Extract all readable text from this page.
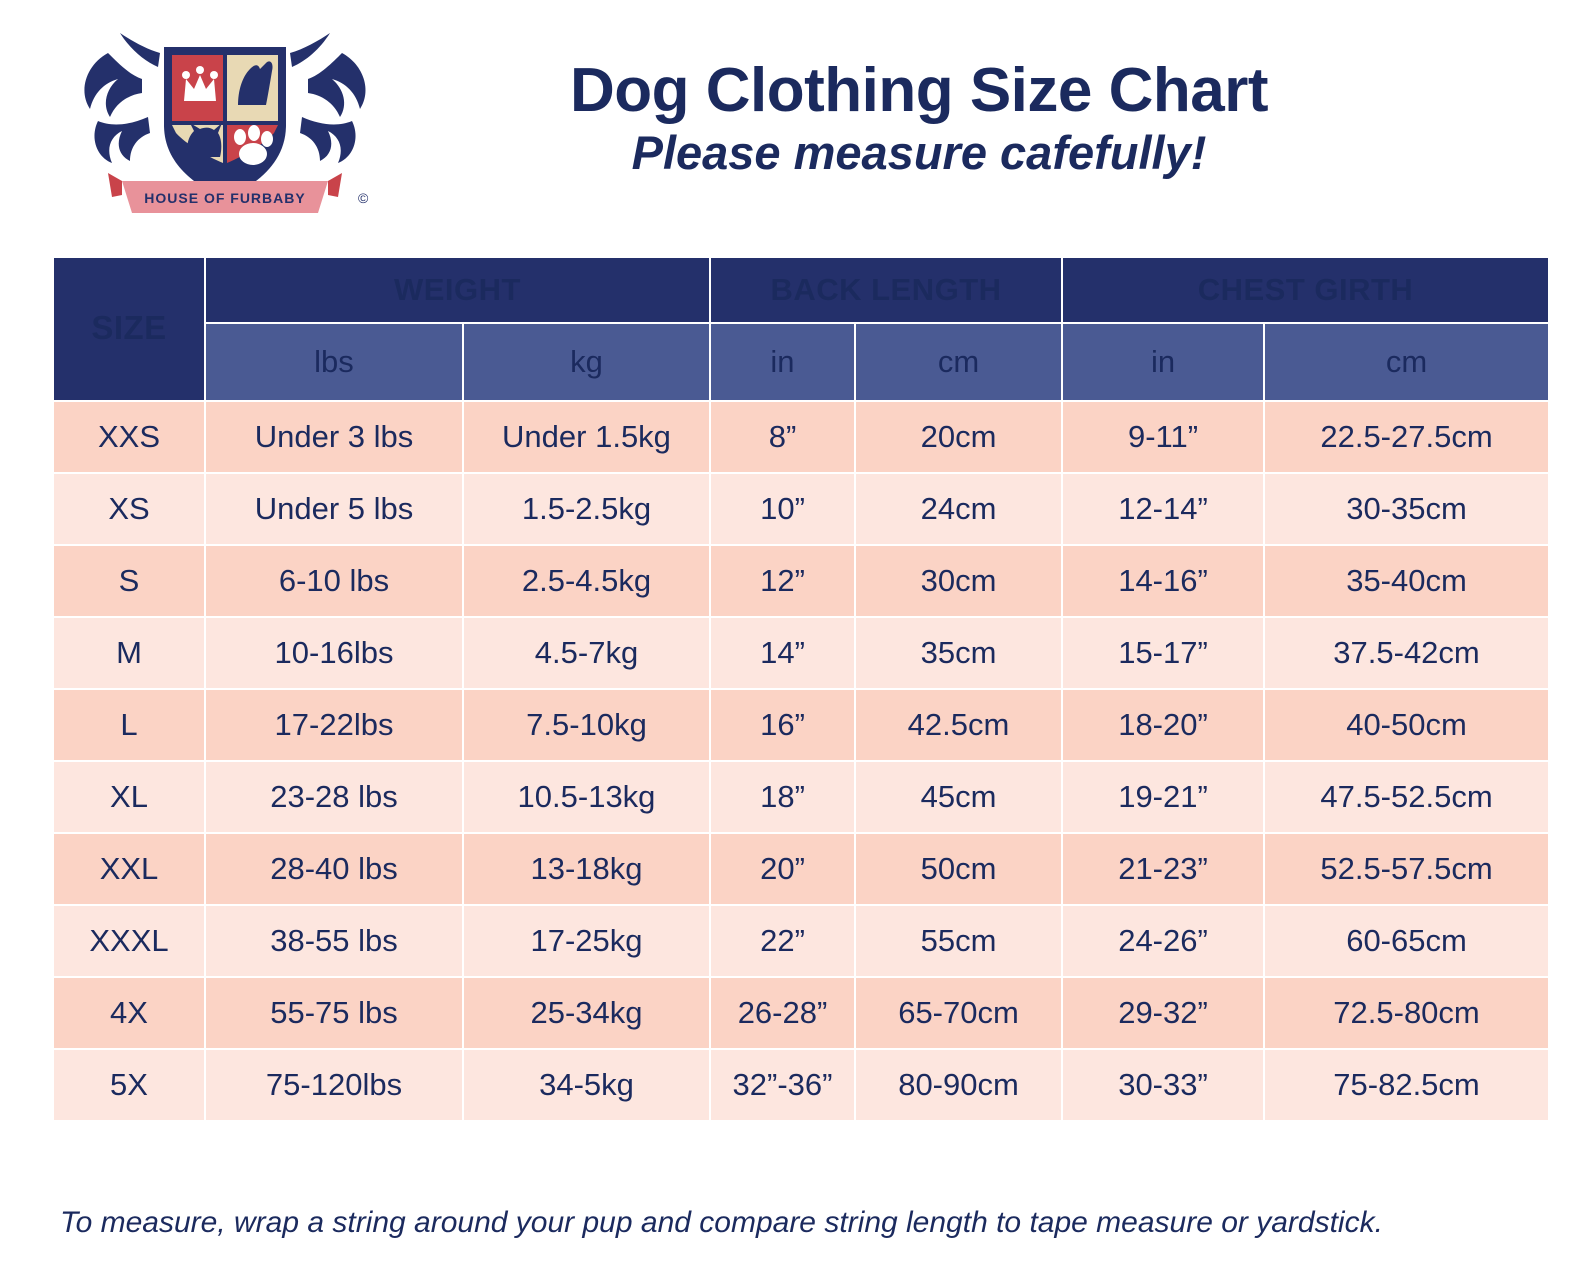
HOUSE OF FURBABY	©
Dog Clothing Size Chart

Please measure cafefully!

SIZE	WEIGHT		BACK LENGTH		CHEST GIRTH	
	lbs	kg	in	cm	in	cm
XXS	Under 3 lbs	Under 1.5kg	8”	20cm	9-11”	22.5-27.5cm
XS	Under 5 lbs	1.5-2.5kg	10”	24cm	12-14”	30-35cm
S	6-10 lbs	2.5-4.5kg	12”	30cm	14-16”	35-40cm
M	10-16lbs	4.5-7kg	14”	35cm	15-17”	37.5-42cm
L	17-22lbs	7.5-10kg	16”	42.5cm	18-20”	40-50cm
XL	23-28 lbs	10.5-13kg	18”	45cm	19-21”	47.5-52.5cm
XXL	28-40 lbs	13-18kg	20”	50cm	21-23”	52.5-57.5cm
XXXL	38-55 lbs	17-25kg	22”	55cm	24-26”	60-65cm
4X	55-75 lbs	25-34kg	26-28”	65-70cm	29-32”	72.5-80cm
5X	75-120lbs	34-5kg	32”-36”	80-90cm	30-33”	75-82.5cm
To measure, wrap a string around your pup and compare string length to tape measure or yardstick.
